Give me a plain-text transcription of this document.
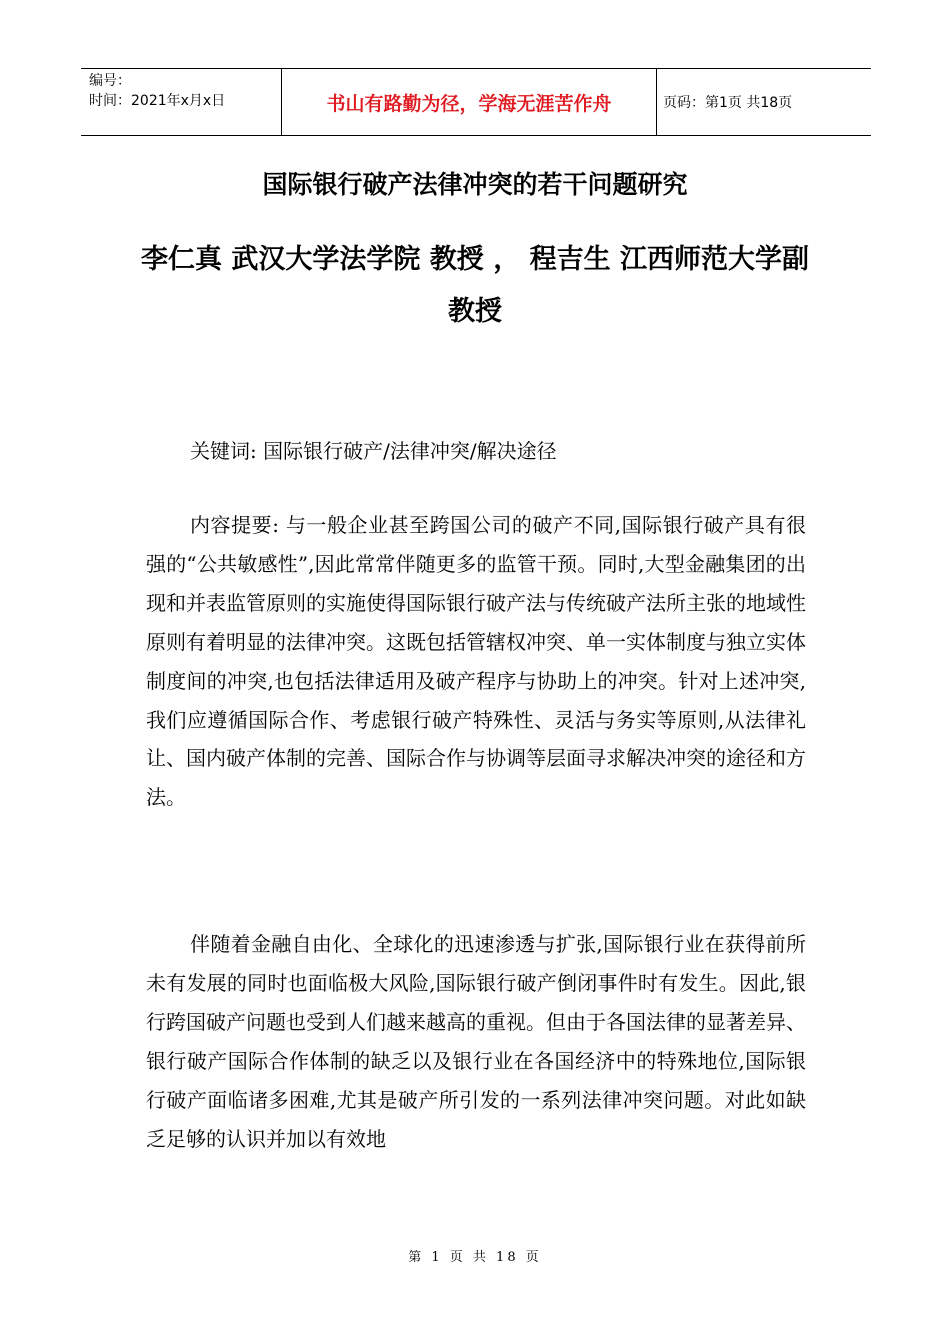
编号：
时间：2021年x月x日	书山有路勤为径，学海无涯苦作舟	页码：第1页 共18页
国际银行破产法律冲突的若干问题研究
李仁真 武汉大学法学院 教授 ， 程吉生 江西师范大学副教授
关键词: 国际银行破产/法律冲突/解决途径
内容提要: 与一般企业甚至跨国公司的破产不同,国际银行破产具有很强的“公共敏感性”,因此常常伴随更多的监管干预。同时,大型金融集团的出现和并表监管原则的实施使得国际银行破产法与传统破产法所主张的地域性原则有着明显的法律冲突。这既包括管辖权冲突、单一实体制度与独立实体制度间的冲突,也包括法律适用及破产程序与协助上的冲突。针对上述冲突,我们应遵循国际合作、考虑银行破产特殊性、灵活与务实等原则,从法律礼让、国内破产体制的完善、国际合作与协调等层面寻求解决冲突的途径和方法。
伴随着金融自由化、全球化的迅速渗透与扩张,国际银行业在获得前所未有发展的同时也面临极大风险,国际银行破产倒闭事件时有发生。因此,银行跨国破产问题也受到人们越来越高的重视。但由于各国法律的显著差异、银行破产国际合作体制的缺乏以及银行业在各国经济中的特殊地位,国际银行破产面临诸多困难,尤其是破产所引发的一系列法律冲突问题。对此如缺乏足够的认识并加以有效地
第 1 页 共 18 页
